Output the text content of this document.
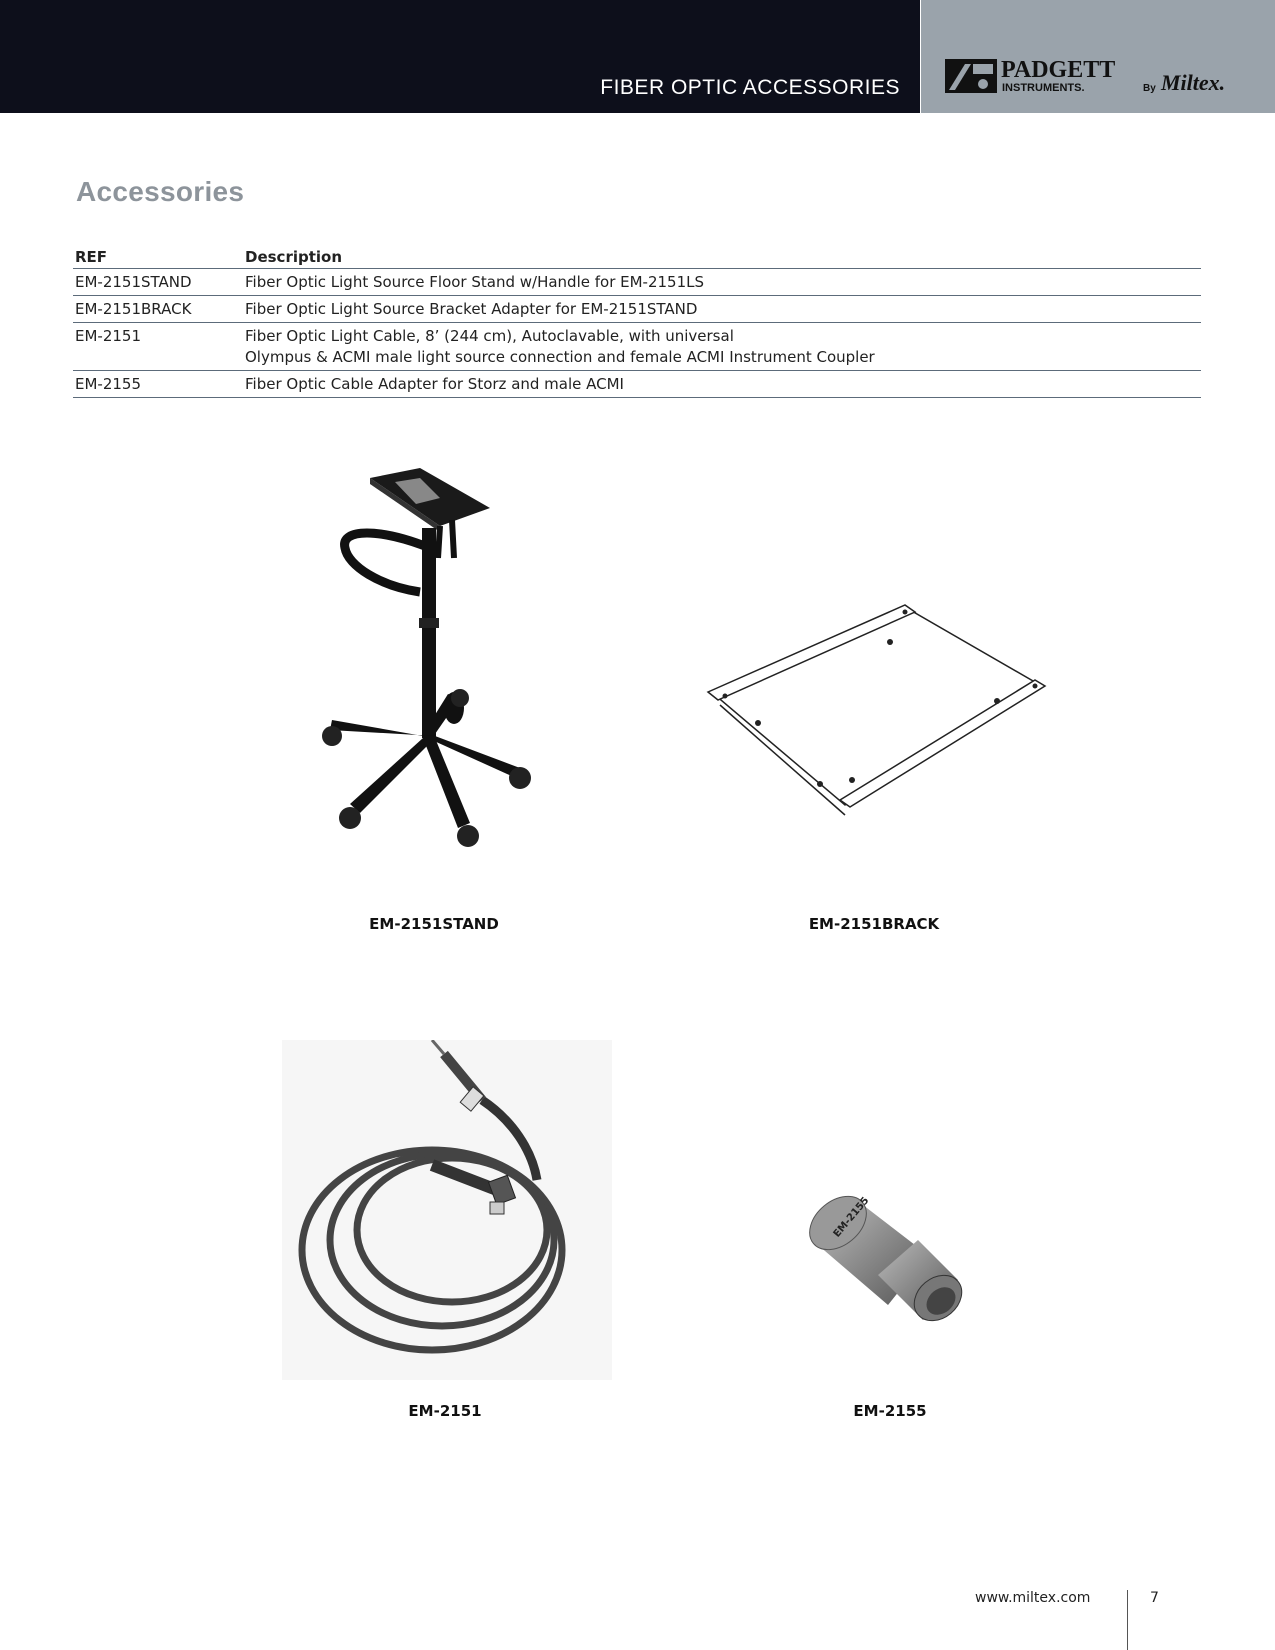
FIBER OPTIC ACCESSORIES
PADGETT
INSTRUMENTS.	By Miltex.
Accessories
REF	Description
EM-2151STAND	Fiber Optic Light Source Floor Stand w/Handle for EM-2151LS

EM-2151BRACK	Fiber Optic Light Source Bracket Adapter for EM-2151STAND

EM-2151	Fiber Optic Light Cable, 8’ (244 cm), Autoclavable, with universal
Olympus & ACMI male light source connection and female ACMI Instrument Coupler

EM-2155	Fiber Optic Cable Adapter for Storz and male ACMI
EM-2151STAND	EM-2151BRACK
EM-2151
EM-2155
EM-2155
www.miltex.com	7
